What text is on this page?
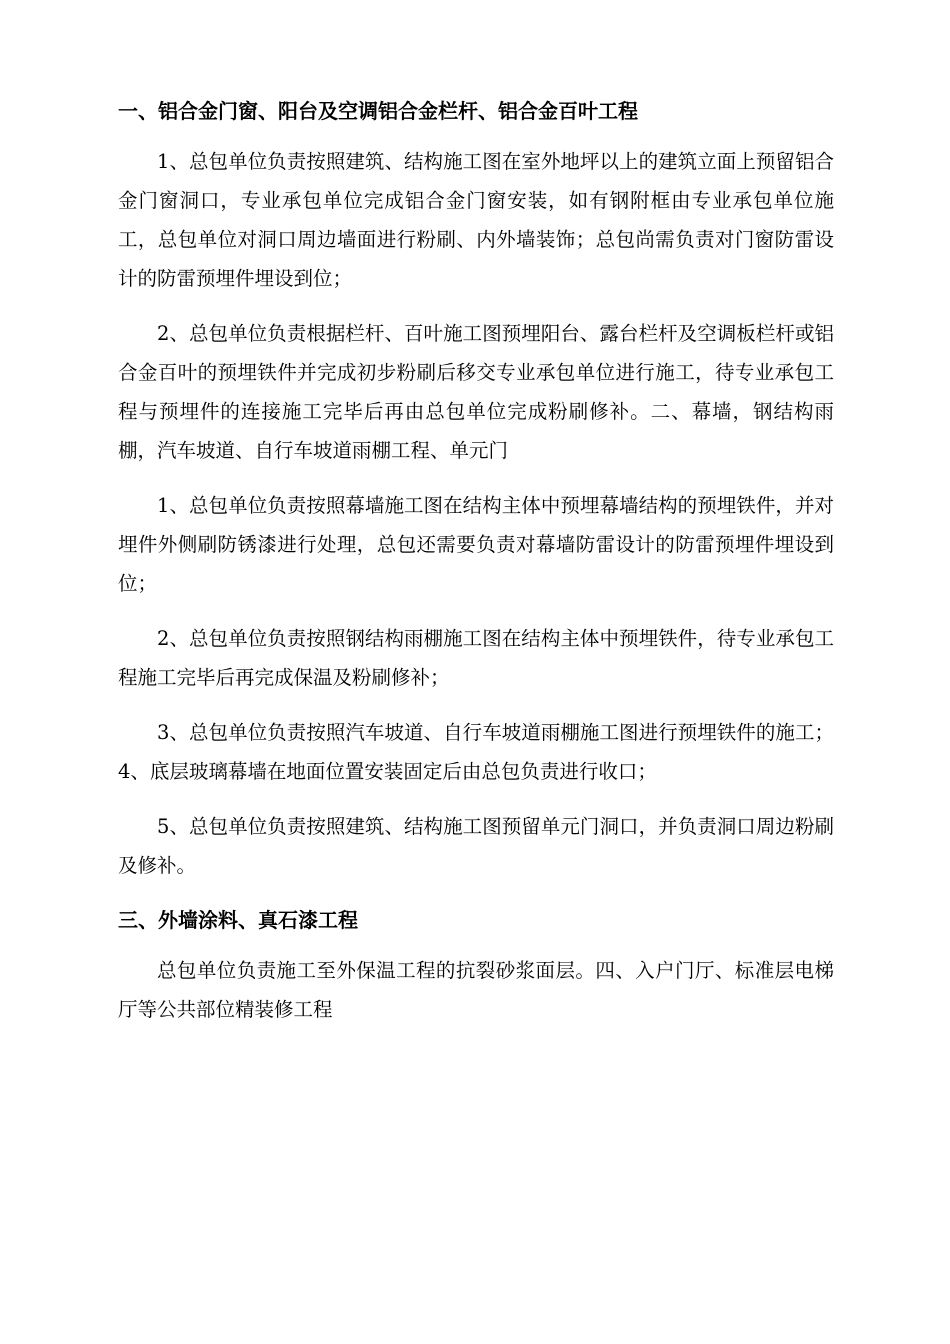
一、铝合金门窗、阳台及空调铝合金栏杆、铝合金百叶工程

1、总包单位负责按照建筑、结构施工图在室外地坪以上的建筑立面上预留铝合金门窗洞口，专业承包单位完成铝合金门窗安装，如有钢附框由专业承包单位施工，总包单位对洞口周边墙面进行粉刷、内外墙装饰；总包尚需负责对门窗防雷设计的防雷预埋件埋设到位；

2、总包单位负责根据栏杆、百叶施工图预埋阳台、露台栏杆及空调板栏杆或铝合金百叶的预埋铁件并完成初步粉刷后移交专业承包单位进行施工，待专业承包工程与预埋件的连接施工完毕后再由总包单位完成粉刷修补。二、幕墙，钢结构雨棚，汽车坡道、自行车坡道雨棚工程、单元门

1、总包单位负责按照幕墙施工图在结构主体中预埋幕墙结构的预埋铁件，并对埋件外侧刷防锈漆进行处理，总包还需要负责对幕墙防雷设计的防雷预埋件埋设到位；

2、总包单位负责按照钢结构雨棚施工图在结构主体中预埋铁件，待专业承包工程施工完毕后再完成保温及粉刷修补；

3、总包单位负责按照汽车坡道、自行车坡道雨棚施工图进行预埋铁件的施工；4、底层玻璃幕墙在地面位置安装固定后由总包负责进行收口；

5、总包单位负责按照建筑、结构施工图预留单元门洞口，并负责洞口周边粉刷及修补。

三、外墙涂料、真石漆工程

总包单位负责施工至外保温工程的抗裂砂浆面层。四、入户门厅、标准层电梯厅等公共部位精装修工程
